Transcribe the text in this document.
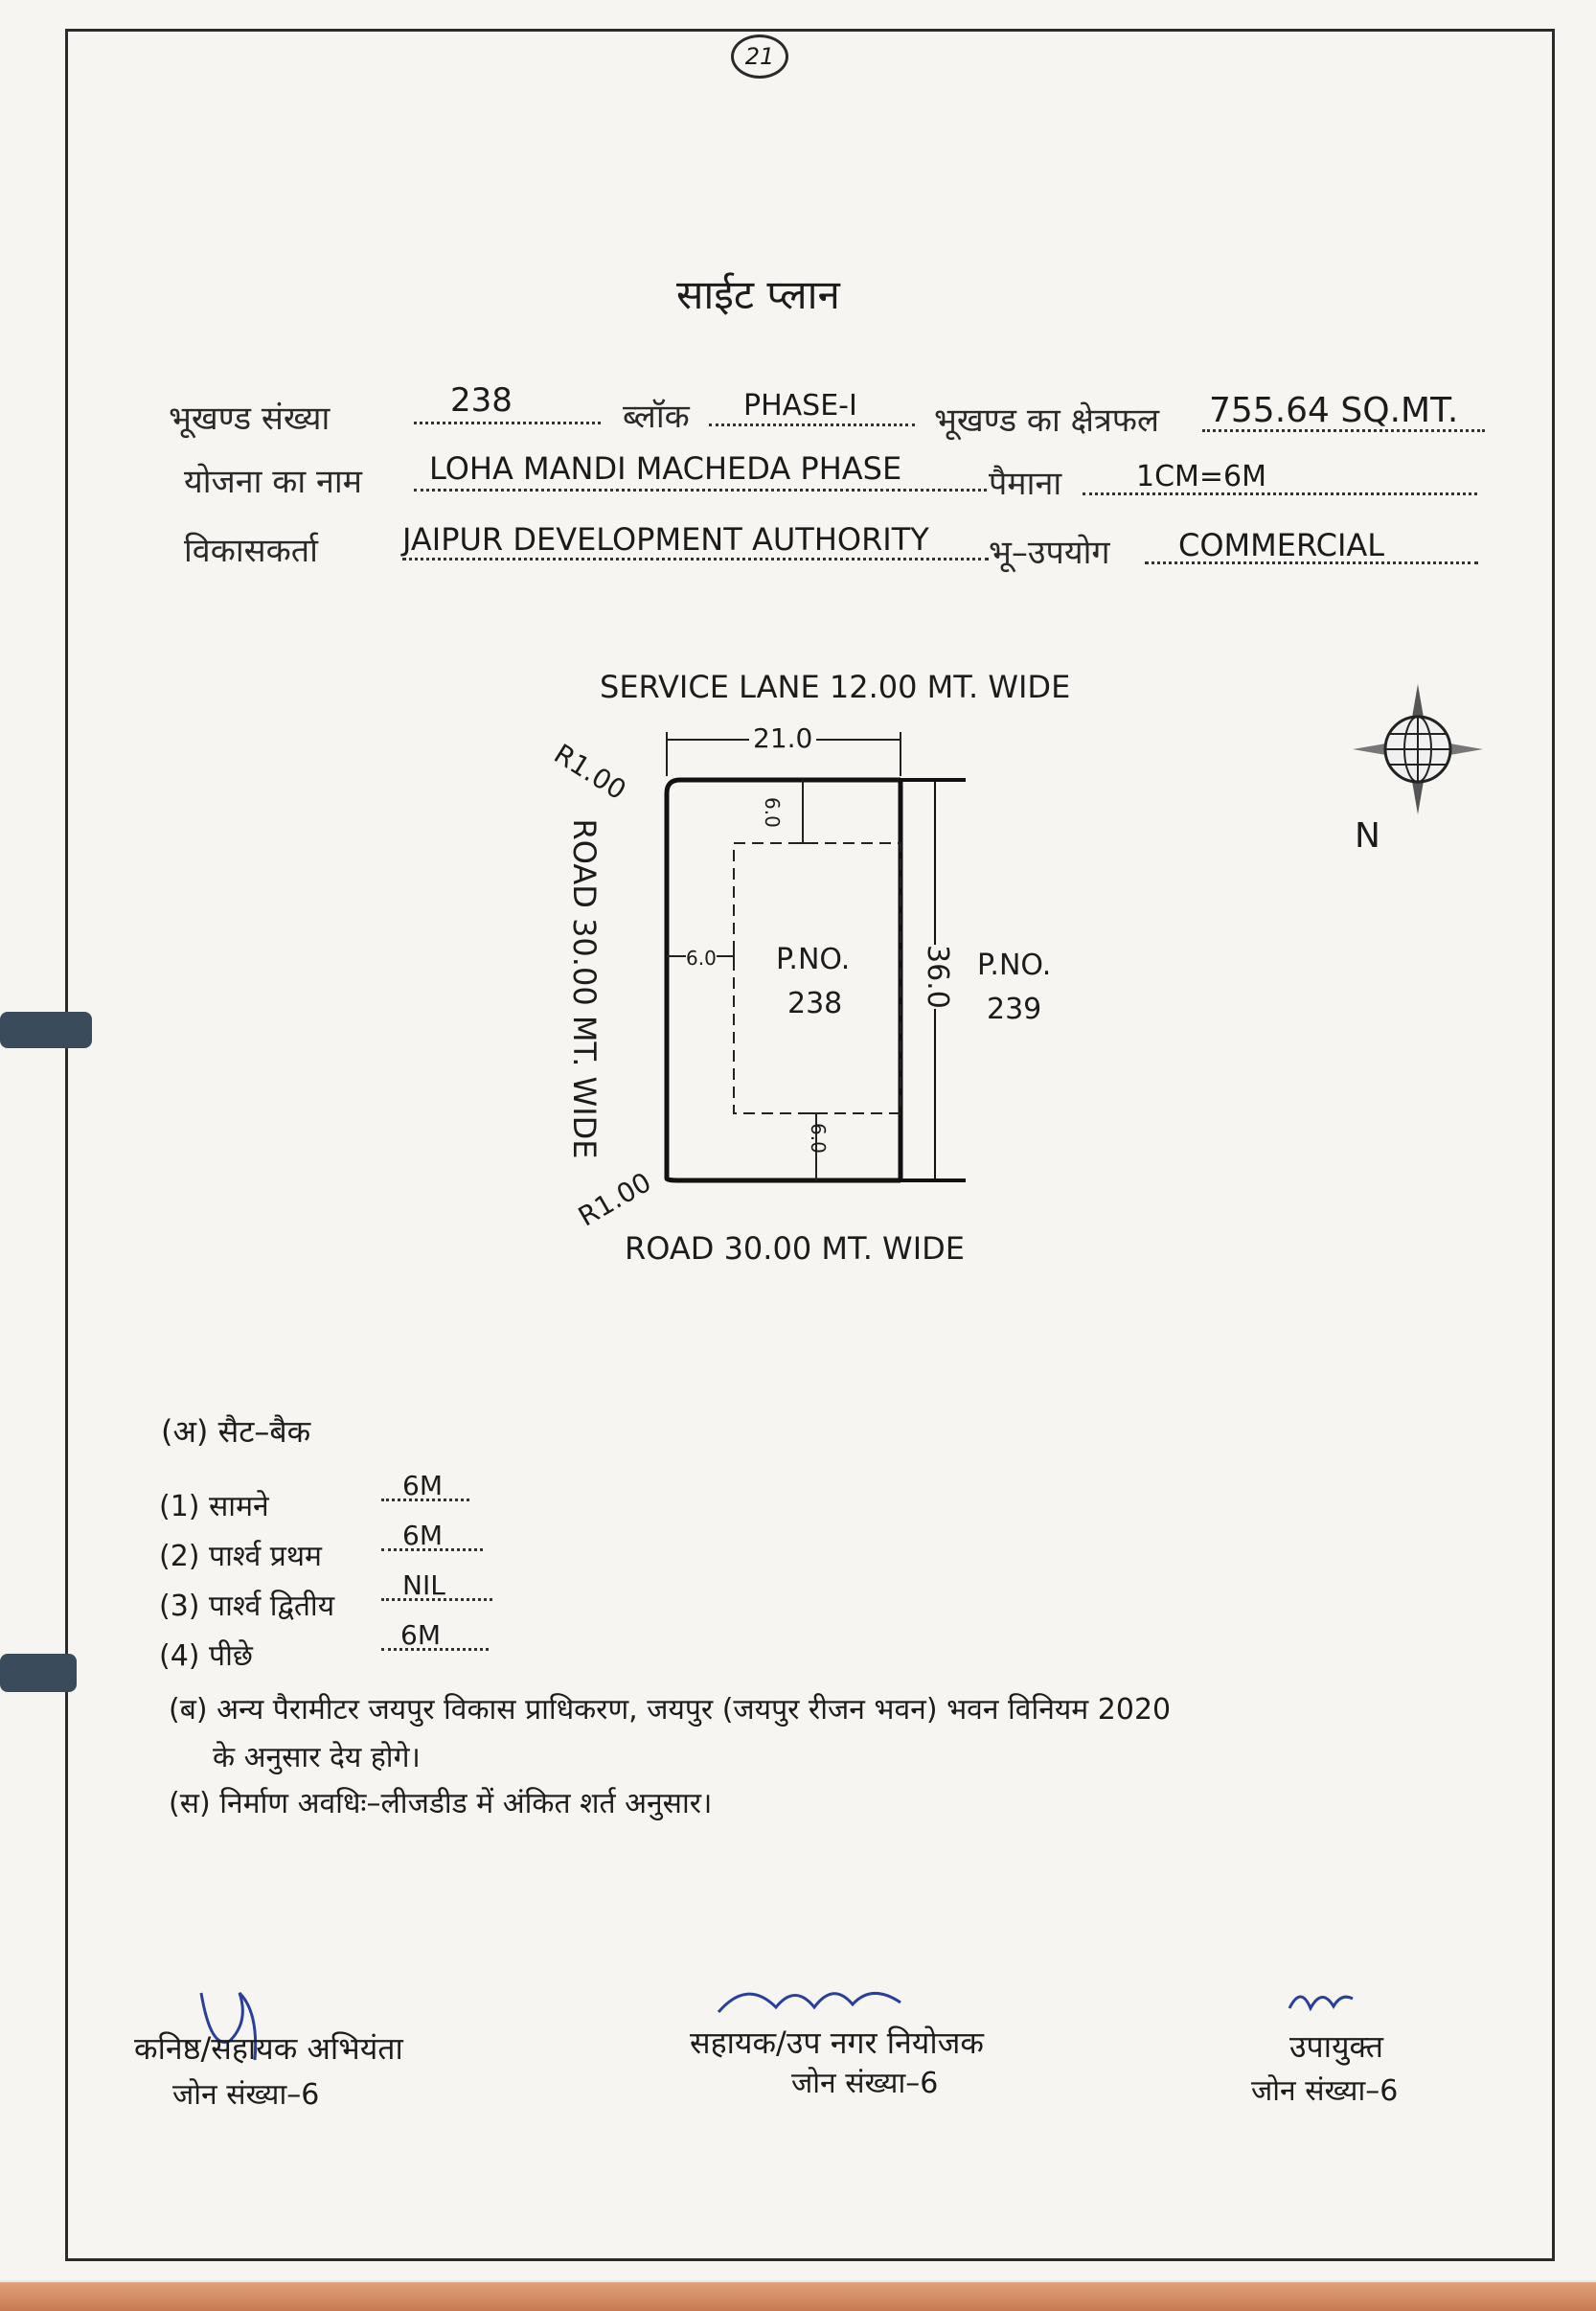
21
साईट प्लान
भूखण्ड संख्या	238	ब्लॉक PHASE-I भूखण्ड का क्षेत्रफल 755.64 SQ.MT.
योजना का नाम LOHA MANDI MACHEDA PHASE	पैमाना	1CM=6M
विकासकर्ता	JAIPUR DEVELOPMENT AUTHORITY भू–उपयोग COMMERCIAL
SERVICE LANE 12.00 MT. WIDE
ROAD 30.00 MT. WIDE
ROAD 30.00 MT. WIDE
R1.00
R1.00
21.0
6.0
6.0
6.0
36.0
P.NO.
238
P.NO.
239
N
(अ) सैट–बैक
(1) सामने
6M
(2) पार्श्व प्रथम
6M
(3) पार्श्व द्वितीय
NIL
(4) पीछे
6M
(ब) अन्य पैरामीटर जयपुर विकास प्राधिकरण, जयपुर (जयपुर रीजन भवन) भवन विनियम 2020
के अनुसार देय होगे।
(स) निर्माण अवधिः–लीजडीड में अंकित शर्त अनुसार।
कनिष्ठ/सहायक अभियंता
जोन संख्या–6
सहायक/उप नगर नियोजक
जोन संख्या–6
उपायुक्त
जोन संख्या–6
